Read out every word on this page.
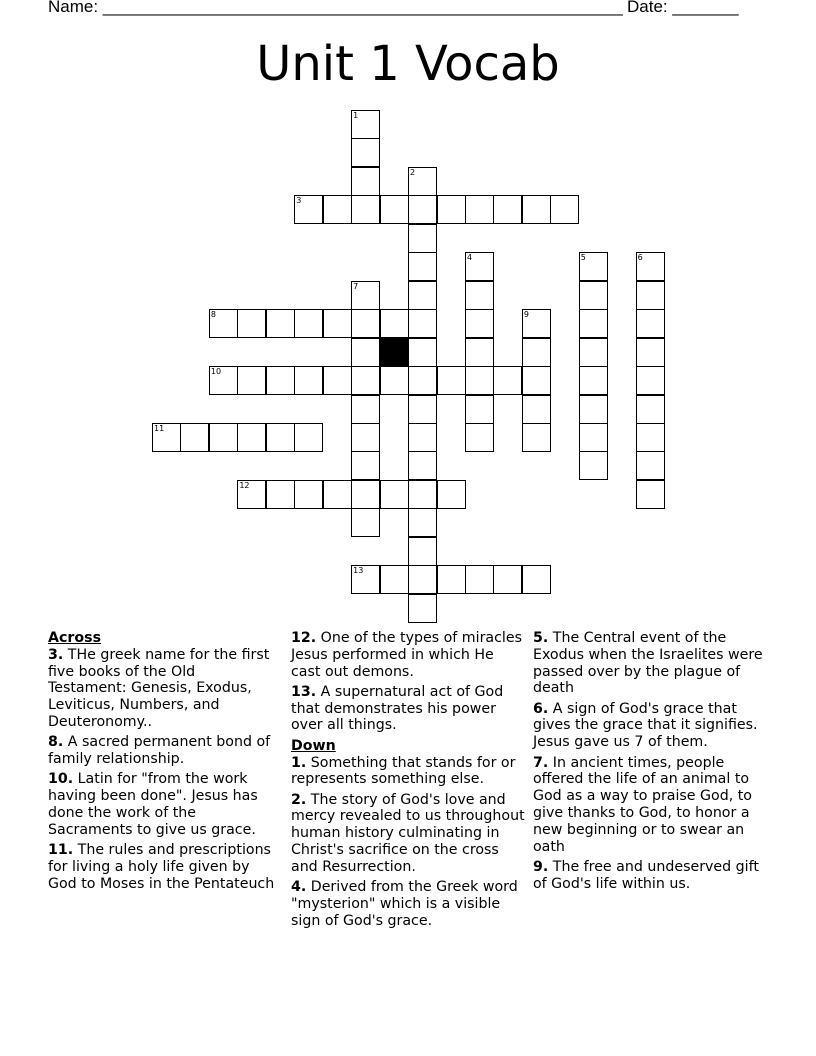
Name: _______________________________________________________ Date: _______
Unit 1 Vocab
3
8
10
11
12
13
1
2
4	5	6
7
9

Across

3. THe greek name for the first five books of the Old Testament: Genesis, Exodus, Leviticus, Numbers, and Deuteronomy..

8. A sacred permanent bond of family relationship.

10. Latin for "from the work having been done". Jesus has done the work of the Sacraments to give us grace.

11. The rules and prescriptions for living a holy life given by God to Moses in the Pentateuch

12. One of the types of miracles Jesus performed in which He cast out demons.

13. A supernatural act of God that demonstrates his power over all things.

Down

1. Something that stands for or represents something else.

2. The story of God's love and mercy revealed to us throughout human history culminating in Christ's sacrifice on the cross and Resurrection.

4. Derived from the Greek word "mysterion" which is a visible sign of God's grace.

5. The Central event of the Exodus when the Israelites were passed over by the plague of death

6. A sign of God's grace that gives the grace that it signifies. Jesus gave us 7 of them.

7. In ancient times, people offered the life of an animal to God as a way to praise God, to give thanks to God, to honor a new beginning or to swear an oath

9. The free and undeserved gift of God's life within us.
